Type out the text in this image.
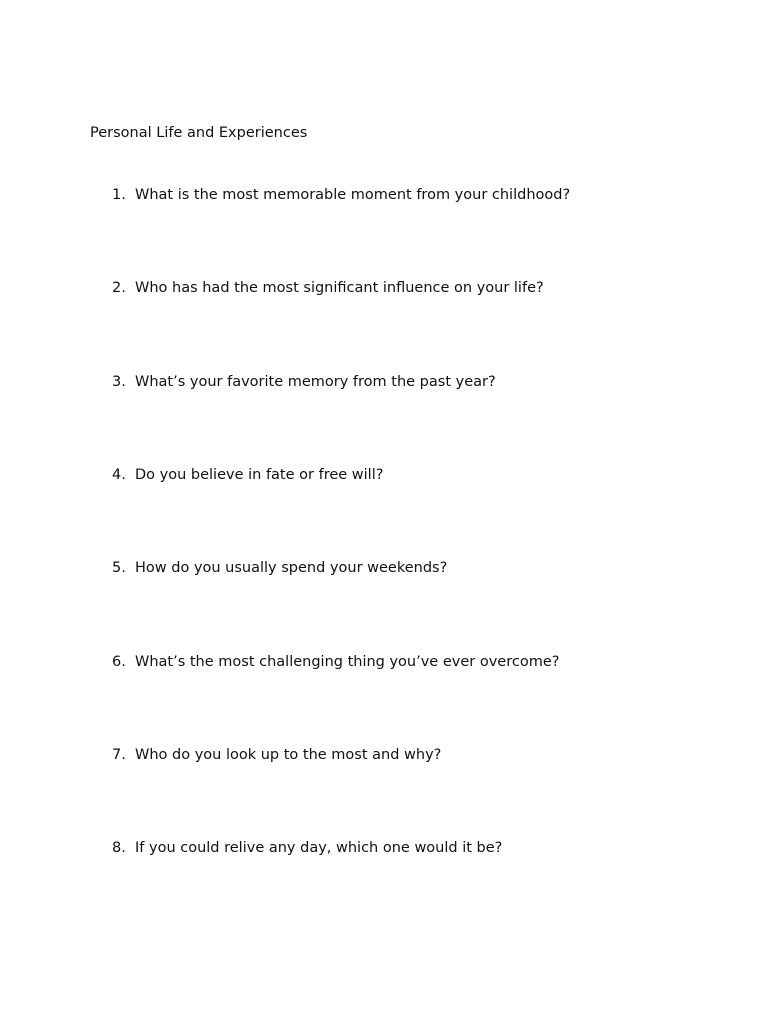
Personal Life and Experiences
1. What is the most memorable moment from your childhood?
2. Who has had the most significant influence on your life?
3. What’s your favorite memory from the past year?
4. Do you believe in fate or free will?
5. How do you usually spend your weekends?
6. What’s the most challenging thing you’ve ever overcome?
7. Who do you look up to the most and why?
8. If you could relive any day, which one would it be?
